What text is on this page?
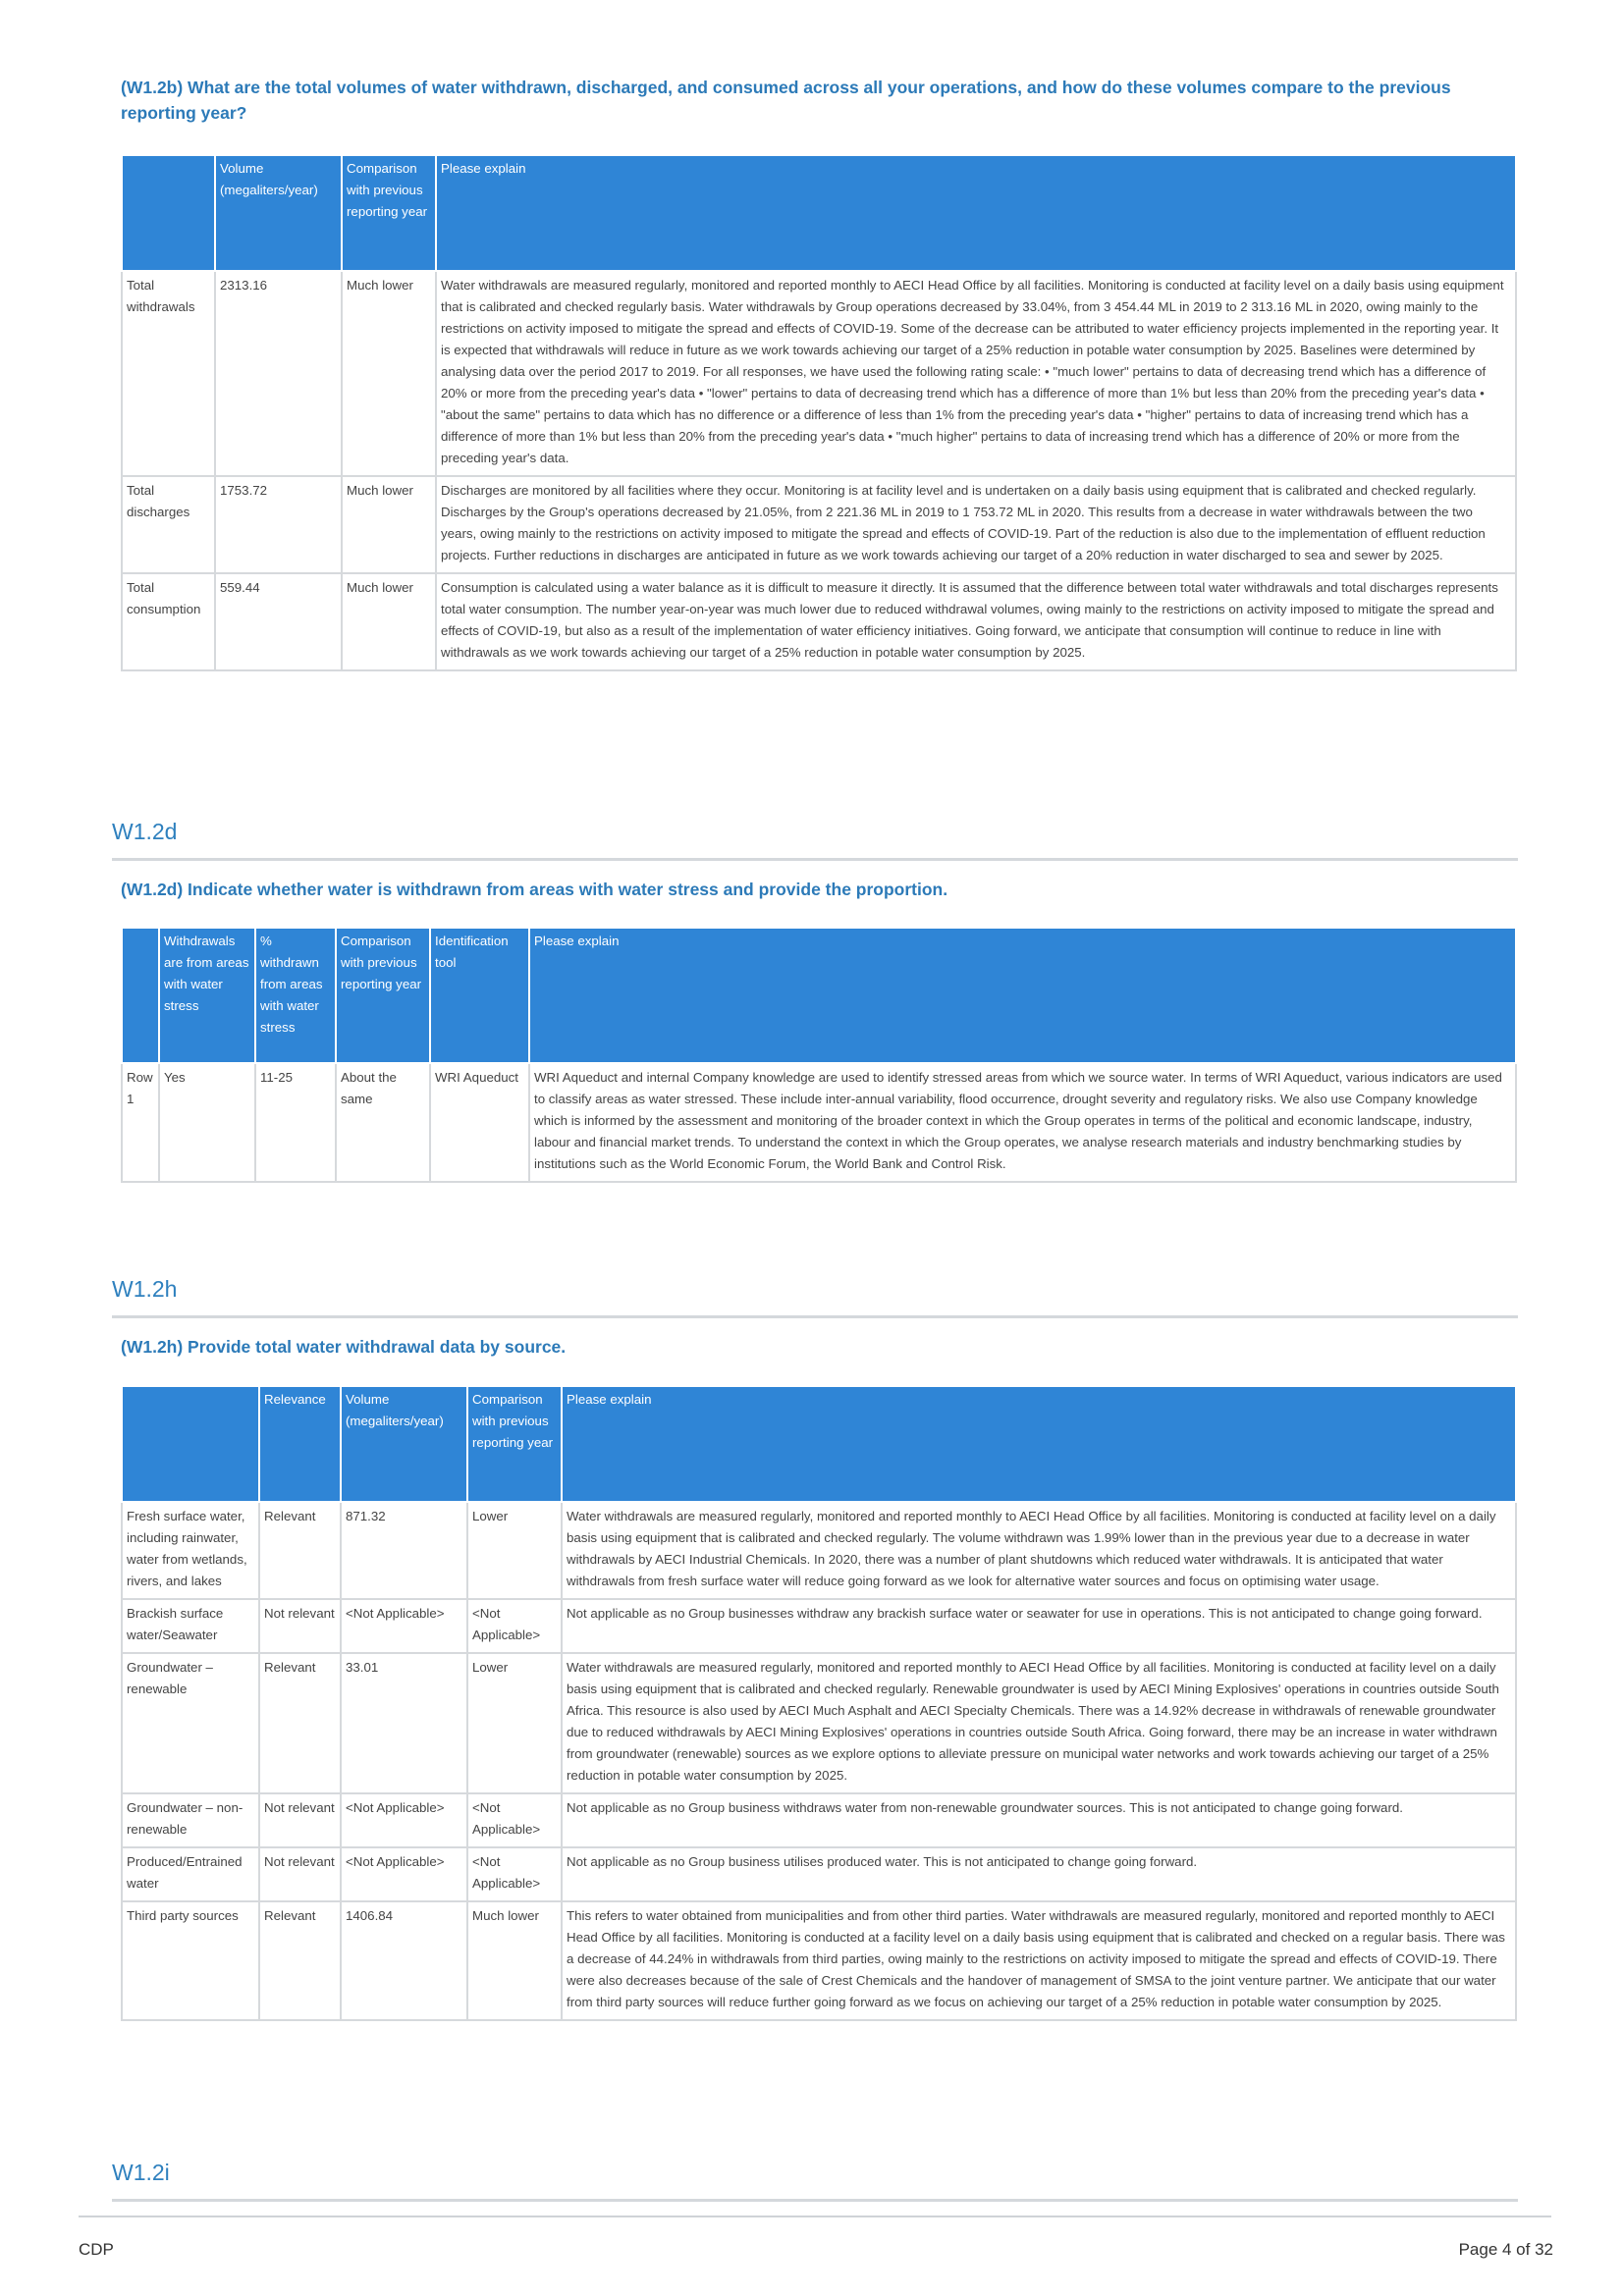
(W1.2b) What are the total volumes of water withdrawn, discharged, and consumed across all your operations, and how do these volumes compare to the previous reporting year?
	Volume (megaliters/year)	Comparison with previous reporting year	Please explain
Total withdrawals	2313.16	Much lower	Water withdrawals are measured regularly, monitored and reported monthly to AECI Head Office by all facilities. Monitoring is conducted at facility level on a daily basis using equipment that is calibrated and checked regularly basis. Water withdrawals by Group operations decreased by 33.04%, from 3 454.44 ML in 2019 to 2 313.16 ML in 2020, owing mainly to the restrictions on activity imposed to mitigate the spread and effects of COVID-19. Some of the decrease can be attributed to water efficiency projects implemented in the reporting year. It is expected that withdrawals will reduce in future as we work towards achieving our target of a 25% reduction in potable water consumption by 2025. Baselines were determined by analysing data over the period 2017 to 2019. For all responses, we have used the following rating scale: • "much lower" pertains to data of decreasing trend which has a difference of 20% or more from the preceding year's data • "lower" pertains to data of decreasing trend which has a difference of more than 1% but less than 20% from the preceding year's data • "about the same" pertains to data which has no difference or a difference of less than 1% from the preceding year's data • "higher" pertains to data of increasing trend which has a difference of more than 1% but less than 20% from the preceding year's data • "much higher" pertains to data of increasing trend which has a difference of 20% or more from the preceding year's data.
Total discharges	1753.72	Much lower	Discharges are monitored by all facilities where they occur. Monitoring is at facility level and is undertaken on a daily basis using equipment that is calibrated and checked regularly. Discharges by the Group's operations decreased by 21.05%, from 2 221.36 ML in 2019 to 1 753.72 ML in 2020. This results from a decrease in water withdrawals between the two years, owing mainly to the restrictions on activity imposed to mitigate the spread and effects of COVID-19. Part of the reduction is also due to the implementation of effluent reduction projects. Further reductions in discharges are anticipated in future as we work towards achieving our target of a 20% reduction in water discharged to sea and sewer by 2025.
Total consumption	559.44	Much lower	Consumption is calculated using a water balance as it is difficult to measure it directly. It is assumed that the difference between total water withdrawals and total discharges represents total water consumption. The number year-on-year was much lower due to reduced withdrawal volumes, owing mainly to the restrictions on activity imposed to mitigate the spread and effects of COVID-19, but also as a result of the implementation of water efficiency initiatives. Going forward, we anticipate that consumption will continue to reduce in line with withdrawals as we work towards achieving our target of a 25% reduction in potable water consumption by 2025.
W1.2d
(W1.2d) Indicate whether water is withdrawn from areas with water stress and provide the proportion.
	Withdrawals are from areas with water stress	% withdrawn from areas with water stress	Comparison with previous reporting year	Identification tool	Please explain
Row 1	Yes	11-25	About the same	WRI Aqueduct	WRI Aqueduct and internal Company knowledge are used to identify stressed areas from which we source water. In terms of WRI Aqueduct, various indicators are used to classify areas as water stressed. These include inter-annual variability, flood occurrence, drought severity and regulatory risks. We also use Company knowledge which is informed by the assessment and monitoring of the broader context in which the Group operates in terms of the political and economic landscape, industry, labour and financial market trends. To understand the context in which the Group operates, we analyse research materials and industry benchmarking studies by institutions such as the World Economic Forum, the World Bank and Control Risk.
W1.2h
(W1.2h) Provide total water withdrawal data by source.
	Relevance	Volume (megaliters/year)	Comparison with previous reporting year	Please explain
Fresh surface water, including rainwater, water from wetlands, rivers, and lakes	Relevant	871.32	Lower	Water withdrawals are measured regularly, monitored and reported monthly to AECI Head Office by all facilities. Monitoring is conducted at facility level on a daily basis using equipment that is calibrated and checked regularly. The volume withdrawn was 1.99% lower than in the previous year due to a decrease in water withdrawals by AECI Industrial Chemicals. In 2020, there was a number of plant shutdowns which reduced water withdrawals. It is anticipated that water withdrawals from fresh surface water will reduce going forward as we look for alternative water sources and focus on optimising water usage.
Brackish surface water/Seawater	Not relevant	<Not Applicable>	<Not Applicable>	Not applicable as no Group businesses withdraw any brackish surface water or seawater for use in operations. This is not anticipated to change going forward.
Groundwater – renewable	Relevant	33.01	Lower	Water withdrawals are measured regularly, monitored and reported monthly to AECI Head Office by all facilities. Monitoring is conducted at facility level on a daily basis using equipment that is calibrated and checked regularly. Renewable groundwater is used by AECI Mining Explosives' operations in countries outside South Africa. This resource is also used by AECI Much Asphalt and AECI Specialty Chemicals. There was a 14.92% decrease in withdrawals of renewable groundwater due to reduced withdrawals by AECI Mining Explosives' operations in countries outside South Africa. Going forward, there may be an increase in water withdrawn from groundwater (renewable) sources as we explore options to alleviate pressure on municipal water networks and work towards achieving our target of a 25% reduction in potable water consumption by 2025.
Groundwater – non-renewable	Not relevant	<Not Applicable>	<Not Applicable>	Not applicable as no Group business withdraws water from non-renewable groundwater sources. This is not anticipated to change going forward.
Produced/Entrained water	Not relevant	<Not Applicable>	<Not Applicable>	Not applicable as no Group business utilises produced water. This is not anticipated to change going forward.
Third party sources	Relevant	1406.84	Much lower	This refers to water obtained from municipalities and from other third parties. Water withdrawals are measured regularly, monitored and reported monthly to AECI Head Office by all facilities. Monitoring is conducted at a facility level on a daily basis using equipment that is calibrated and checked on a regular basis. There was a decrease of 44.24% in withdrawals from third parties, owing mainly to the restrictions on activity imposed to mitigate the spread and effects of COVID-19. There were also decreases because of the sale of Crest Chemicals and the handover of management of SMSA to the joint venture partner. We anticipate that our water from third party sources will reduce further going forward as we focus on achieving our target of a 25% reduction in potable water consumption by 2025.
W1.2i
CDP	Page 4 of 32
